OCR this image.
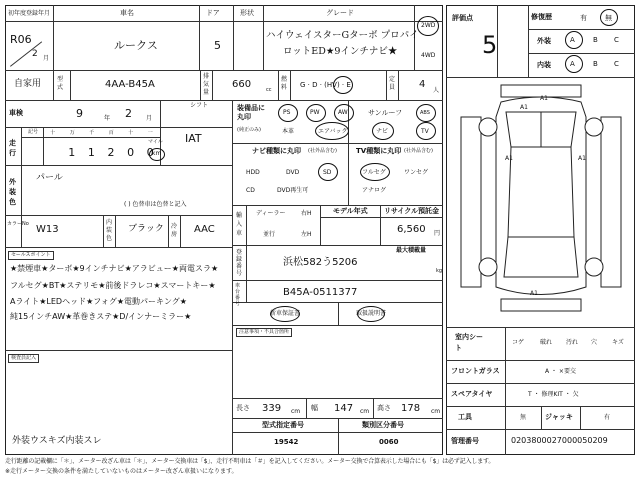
初年度登録年月	車名	ドア	形状	グレード
R06
2 月
ルークス	5
ハイウェイスターGターボ プロパイ
ロットED★9インチナビ★
2WD
4WD
自家用	型式	4AA-B45A
排気量
660	cc
燃料 G · D · (HV) · E
定員 4
人
車検	9	年 2 月
走行
記号	十	万	千	百	十	一
1	1	2	0	0
マイル
km
シフト
IAT
外装色
パール
( ) 色替車は色替と記入
カラーNo W13
内装色
ブラック 冷房 AAC
セールスポイント
★禁煙車★ターボ★9インチナビ★アラビュー★両電スラ★
フルセグ★BT★ステリモ★前後ドラレコ★スマートキー★
Aライト★LEDヘッド★フォグ★電動パーキング★
純15インチAW★革巻きステ★D/インナーミラー★
検査員記入
外装ウスキズ内装スレ
装備品に丸印
(純正のみ)
PS	PW	AW	サンルーフ	ABS
本革	エアバック	ナビ	TV
ナビ種類に丸印 (社外品含む)
HDD	DVD	SD
CD	DVD再生可
TV種類に丸印 (社外品含む)
フルセグ	ワンセグ
アナログ
輸入車
ディーラー
並行
右H
左H
モデル年式 リサイクル預託金
6,560 円
最大積載量
kg
登録番号
浜松582う5206
車台番号
B45A-0511377
新車保証書	取扱説明書
注意事項・不具合箇所
長さ 339 cm 幅 147 cm 高さ 178 cm
型式指定番号
19542
類別区分番号
0060
評価点
5
修復歴	有	無
外装	A	B C
内装	A	B C
A1
A1
A1	A1
A1
室内シート
コゲ	破れ 汚れ 穴 キズ
フロントガラス	A ・ ×要交
スペアタイヤ	T ・ 修理KIT ・ 欠
工具	無	ジャッキ	有
管理番号	0203800027000050209
走行距離の記載欄に「＊」、メーター改ざん車は「＊」、メーター交換車は「$」、走行不明車は「＃」を記入してください。メーター交換で合算表示した場合にも「$」は必ず記入します。
※走行メーター交換の条件を満たしていないものはメーター改ざん車扱いになります。
